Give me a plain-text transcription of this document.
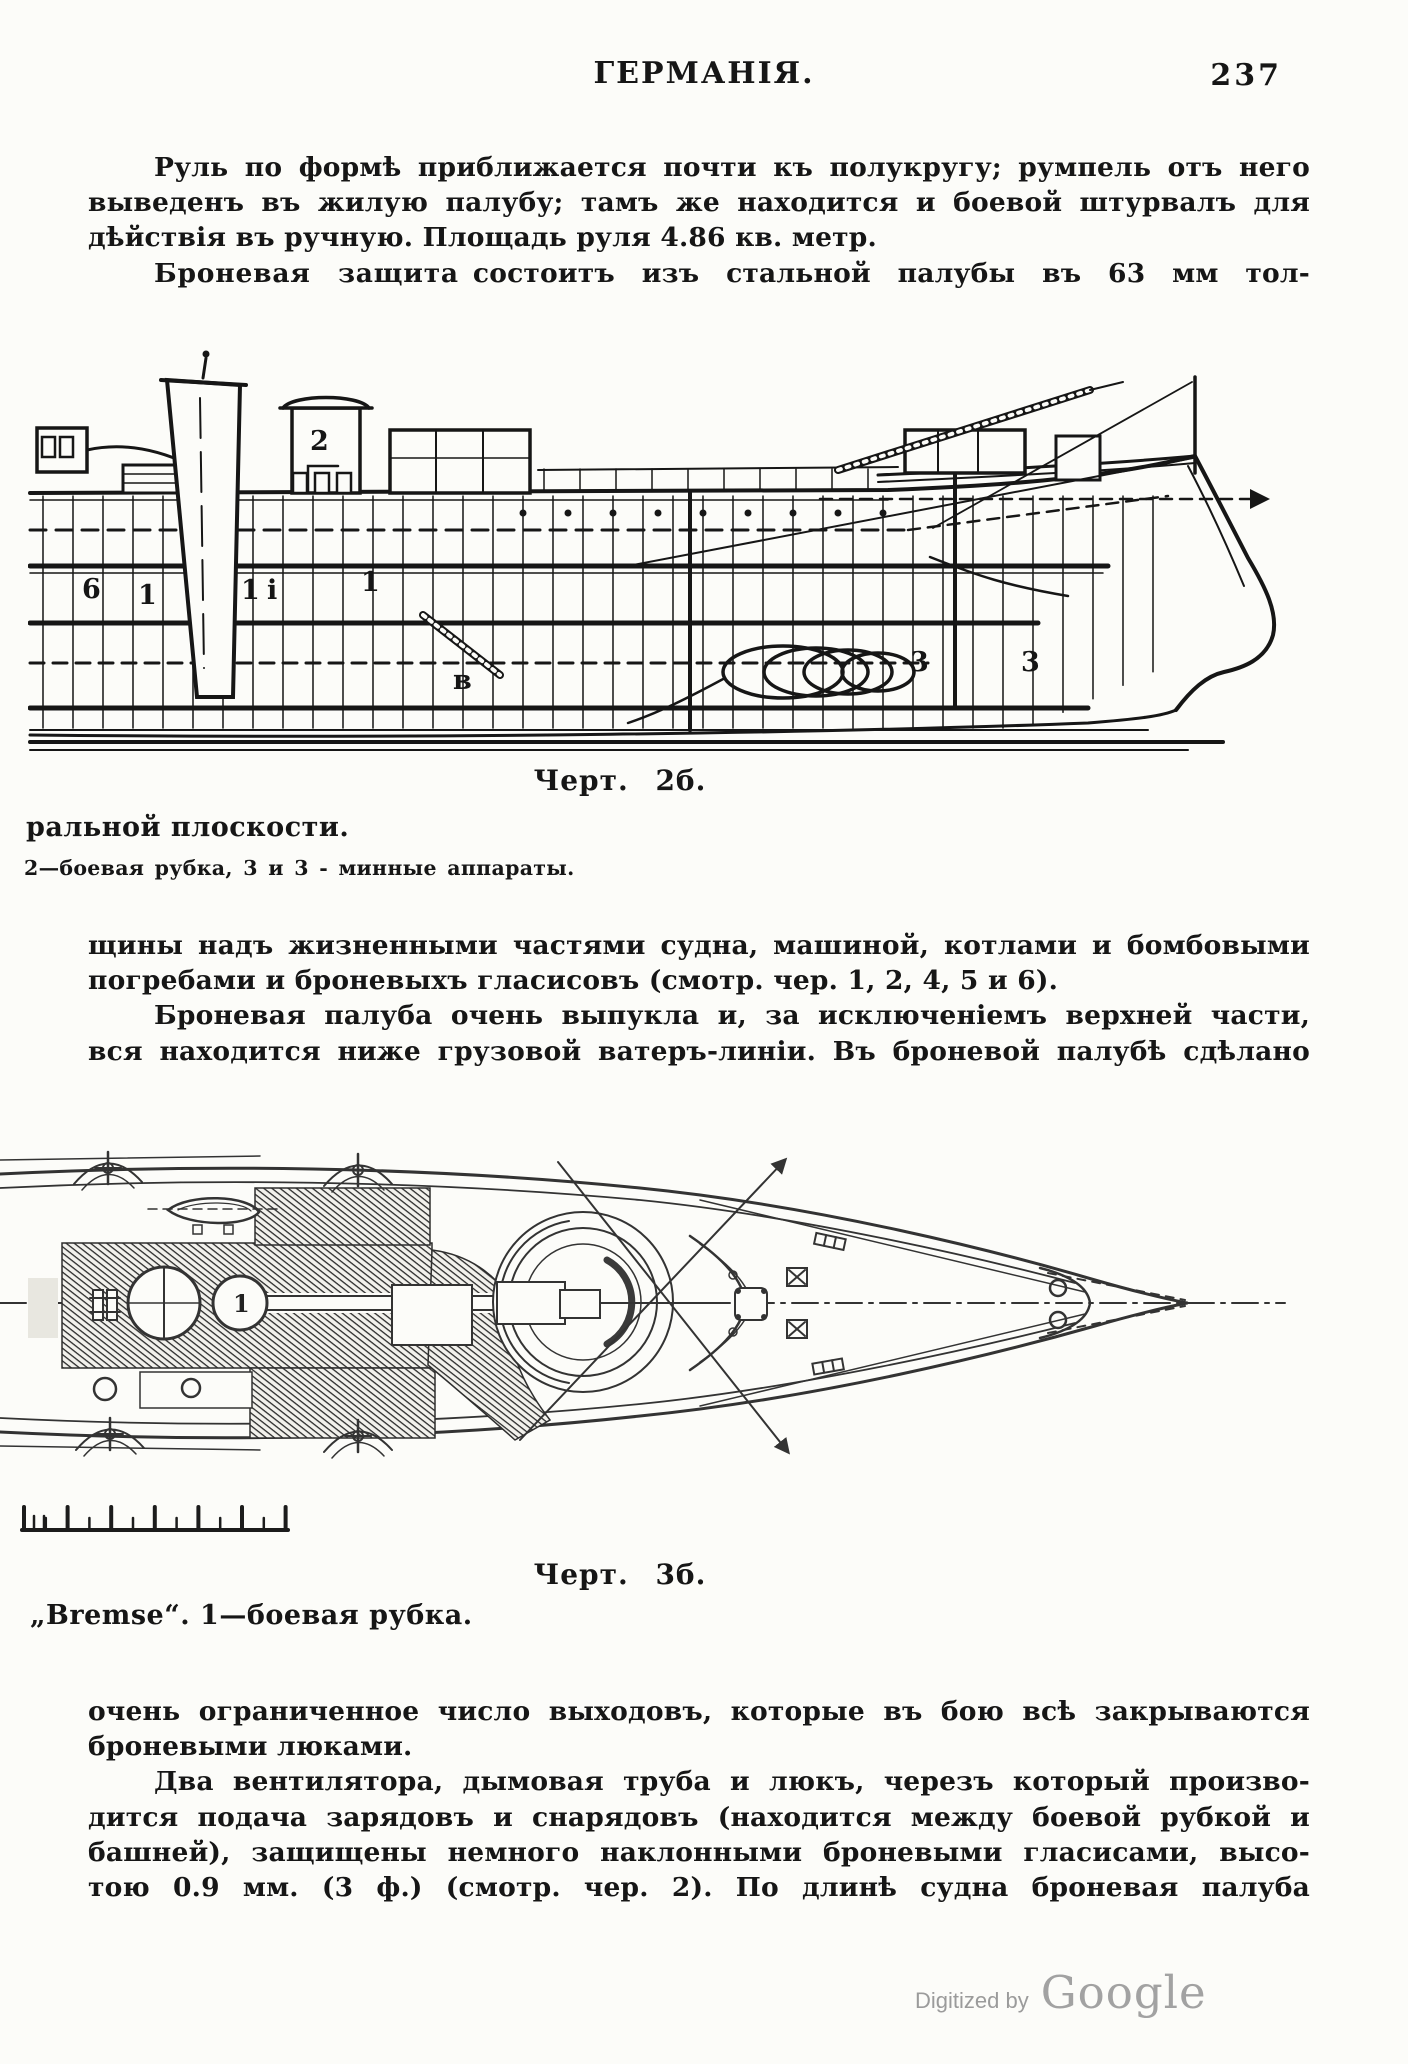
ГЕРМАНІЯ.	237
Руль по формѣ приближается почти къ полукругу; румпель отъ него
выведенъ въ жилую палубу; тамъ же находится и боевой штурвалъ для
дѣйствія въ ручную. Площадь руля 4.86 кв. метр.
Броневая защита состоитъ изъ стальной палубы въ 63 мм тол-
2
6 1	1 і	1
в
3	3
Черт. 2б.
ральной плоскости.
2—боевая рубка, 3 и 3 - минные аппараты.
щины надъ жизненными частями судна, машиной, котлами и бомбовыми
погребами и броневыхъ гласисовъ (смотр. чер. 1, 2, 4, 5 и 6).
Броневая палуба очень выпукла и, за исключеніемъ верхней части,
вся находится ниже грузовой ватеръ-линіи. Въ броневой палубѣ сдѣлано
1
Черт. 3б.
„Bremse“. 1—боевая рубка.
очень ограниченное число выходовъ, которые въ бою всѣ закрываются
броневыми люками.
Два вентилятора, дымовая труба и люкъ, черезъ который произво-
дится подача зарядовъ и снарядовъ (находится между боевой рубкой и
башней), защищены немного наклонными броневыми гласисами, высо-
тою 0.9 мм. (3 ф.) (смотр. чер. 2). По длинѣ судна броневая палуба
Digitized by Google
